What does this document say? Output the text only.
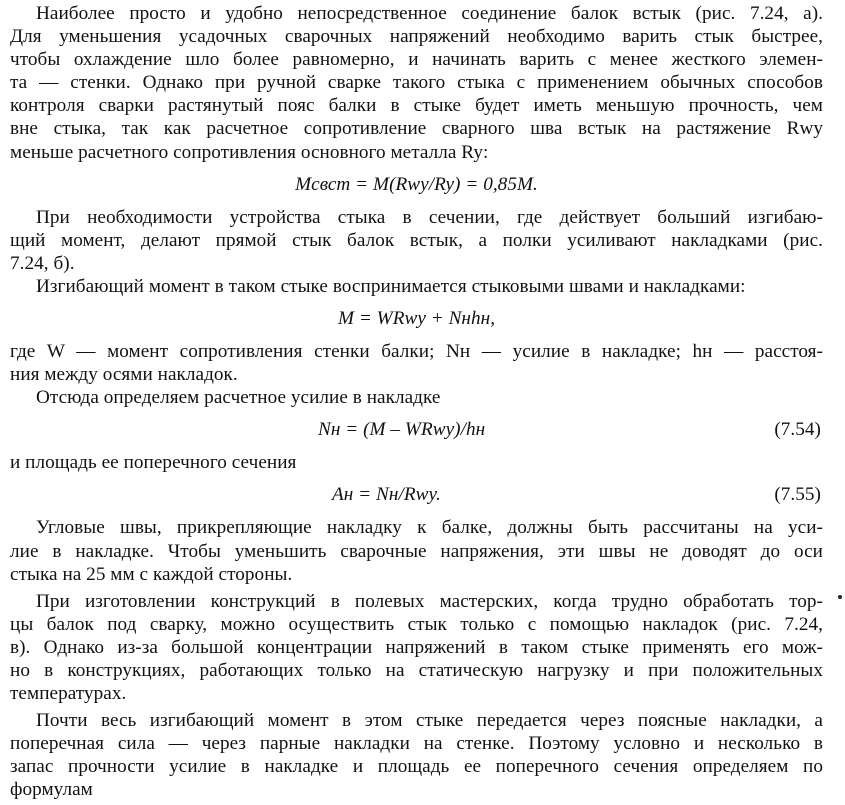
Наиболее просто и удобно непосредственное соединение балок встык (рис. 7.24, а).
Для уменьшения усадочных сварочных напряжений необходимо варить стык быстрее,
чтобы охлаждение шло более равномерно, и начинать варить с менее жесткого элемен-
та — стенки. Однако при ручной сварке такого стыка с применением обычных способов
контроля сварки растянутый пояс балки в стыке будет иметь меньшую прочность, чем
вне стыка, так как расчетное сопротивление сварного шва встык на растяжение Rwy
меньше расчетного сопротивления основного металла Ry:

Mсвст = M(Rwy/Ry) = 0,85M.

При необходимости устройства стыка в сечении, где действует больший изгибаю-
щий момент, делают прямой стык балок встык, а полки усиливают накладками (рис.
7.24, б).

Изгибающий момент в таком стыке воспринимается стыковыми швами и накладками:

M = WRwy + Nнhн,

где W — момент сопротивления стенки балки; Nн — усилие в накладке; hн — расстоя-
ния между осями накладок.

Отсюда определяем расчетное усилие в накладке

Nн = (M – WRwy)/hн	(7.54)

и площадь ее поперечного сечения

Aн = Nн/Rwy.	(7.55)

Угловые швы, прикрепляющие накладку к балке, должны быть рассчитаны на уси-
лие в накладке. Чтобы уменьшить сварочные напряжения, эти швы не доводят до оси
стыка на 25 мм с каждой стороны.

При изготовлении конструкций в полевых мастерских, когда трудно обработать тор-
цы балок под сварку, можно осуществить стык только с помощью накладок (рис. 7.24,
в). Однако из-за большой концентрации напряжений в таком стыке применять его мож-
но в конструкциях, работающих только на статическую нагрузку и при положительных
температурах.

Почти весь изгибающий момент в этом стыке передается через поясные накладки, а
поперечная сила — через парные накладки на стенке. Поэтому условно и несколько в
запас прочности усилие в накладке и площадь ее поперечного сечения определяем по
формулам
